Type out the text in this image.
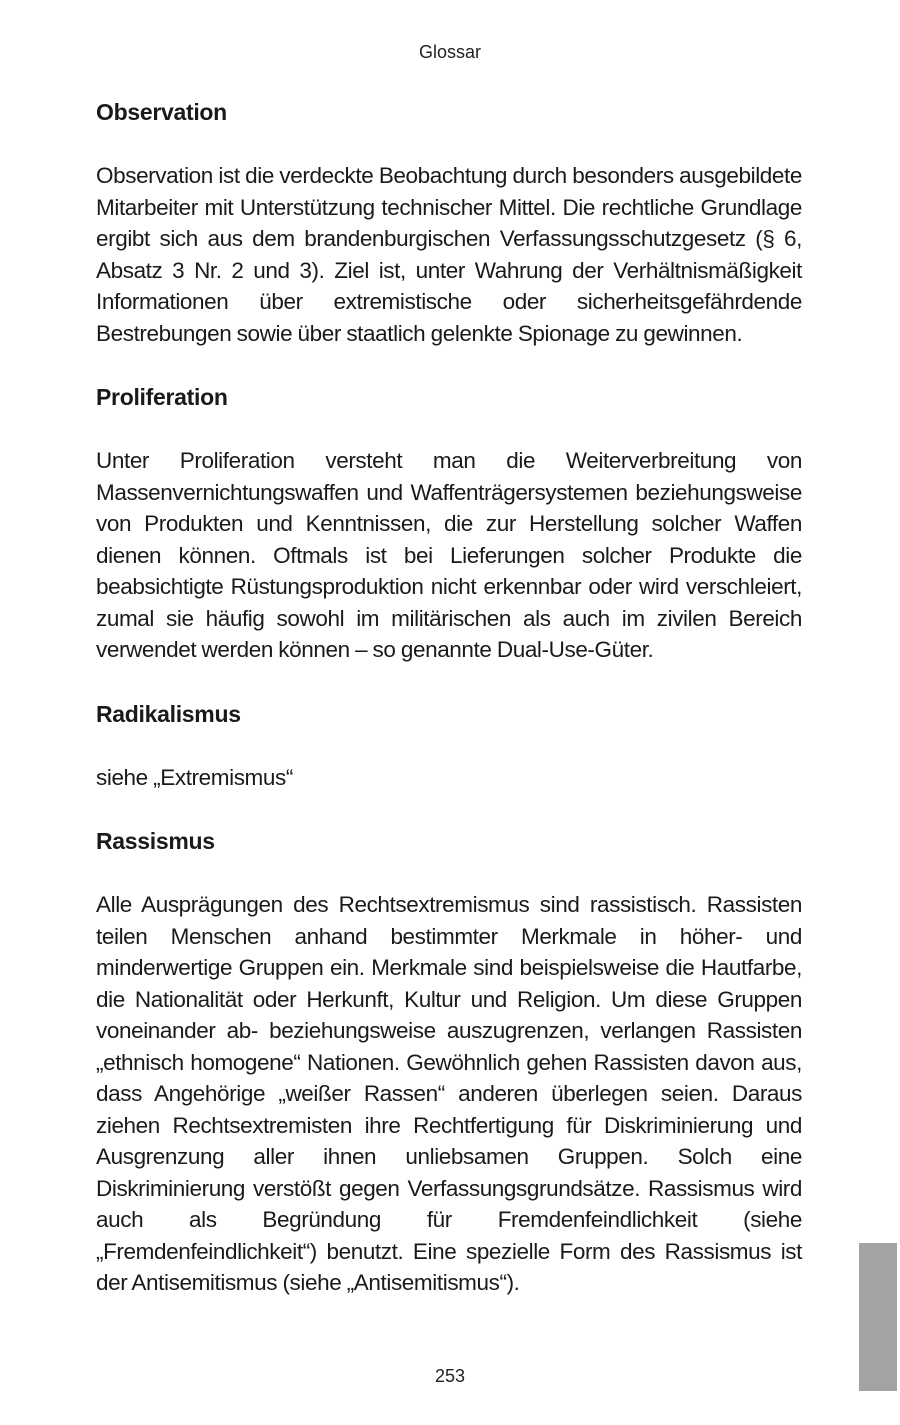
Glossar
Observation

Observation ist die verdeckte Beobachtung durch besonders ausgebildete Mitarbeiter mit Unterstützung technischer Mittel. Die rechtliche Grundlage ergibt sich aus dem brandenburgischen Verfassungsschutzgesetz (§ 6, Absatz 3 Nr. 2 und 3). Ziel ist, unter Wahrung der Verhältnismäßigkeit Informationen über extremistische oder sicherheitsgefährdende Bestrebungen sowie über staatlich gelenkte Spionage zu gewinnen.

Proliferation

Unter Proliferation versteht man die Weiterverbreitung von Massenvernichtungswaffen und Waffenträgersystemen beziehungsweise von Produkten und Kenntnissen, die zur Herstellung solcher Waffen dienen können. Oftmals ist bei Lieferungen solcher Produkte die beabsichtigte Rüstungsproduktion nicht erkennbar oder wird verschleiert, zumal sie häufig sowohl im militärischen als auch im zivilen Bereich verwendet werden können – so genannte Dual-Use-Güter.

Radikalismus

siehe „Extremismus“

Rassismus

Alle Ausprägungen des Rechtsextremismus sind rassistisch. Rassisten teilen Menschen anhand bestimmter Merkmale in höher- und minderwertige Gruppen ein. Merkmale sind beispielsweise die Hautfarbe, die Nationalität oder Herkunft, Kultur und Religion. Um diese Gruppen voneinander ab- beziehungsweise auszugrenzen, verlangen Rassisten „ethnisch homogene“ Nationen. Gewöhnlich gehen Rassisten davon aus, dass Angehörige „weißer Rassen“ anderen überlegen seien. Daraus ziehen Rechtsextremisten ihre Rechtfertigung für Diskriminierung und Ausgrenzung aller ihnen unliebsamen Gruppen. Solch eine Diskriminierung verstößt gegen Verfassungsgrundsätze. Rassismus wird auch als Begründung für Fremdenfeindlichkeit (siehe „Fremdenfeindlichkeit“) benutzt. Eine spezielle Form des Rassismus ist der Antisemitismus (siehe „Antisemitismus“).

253
